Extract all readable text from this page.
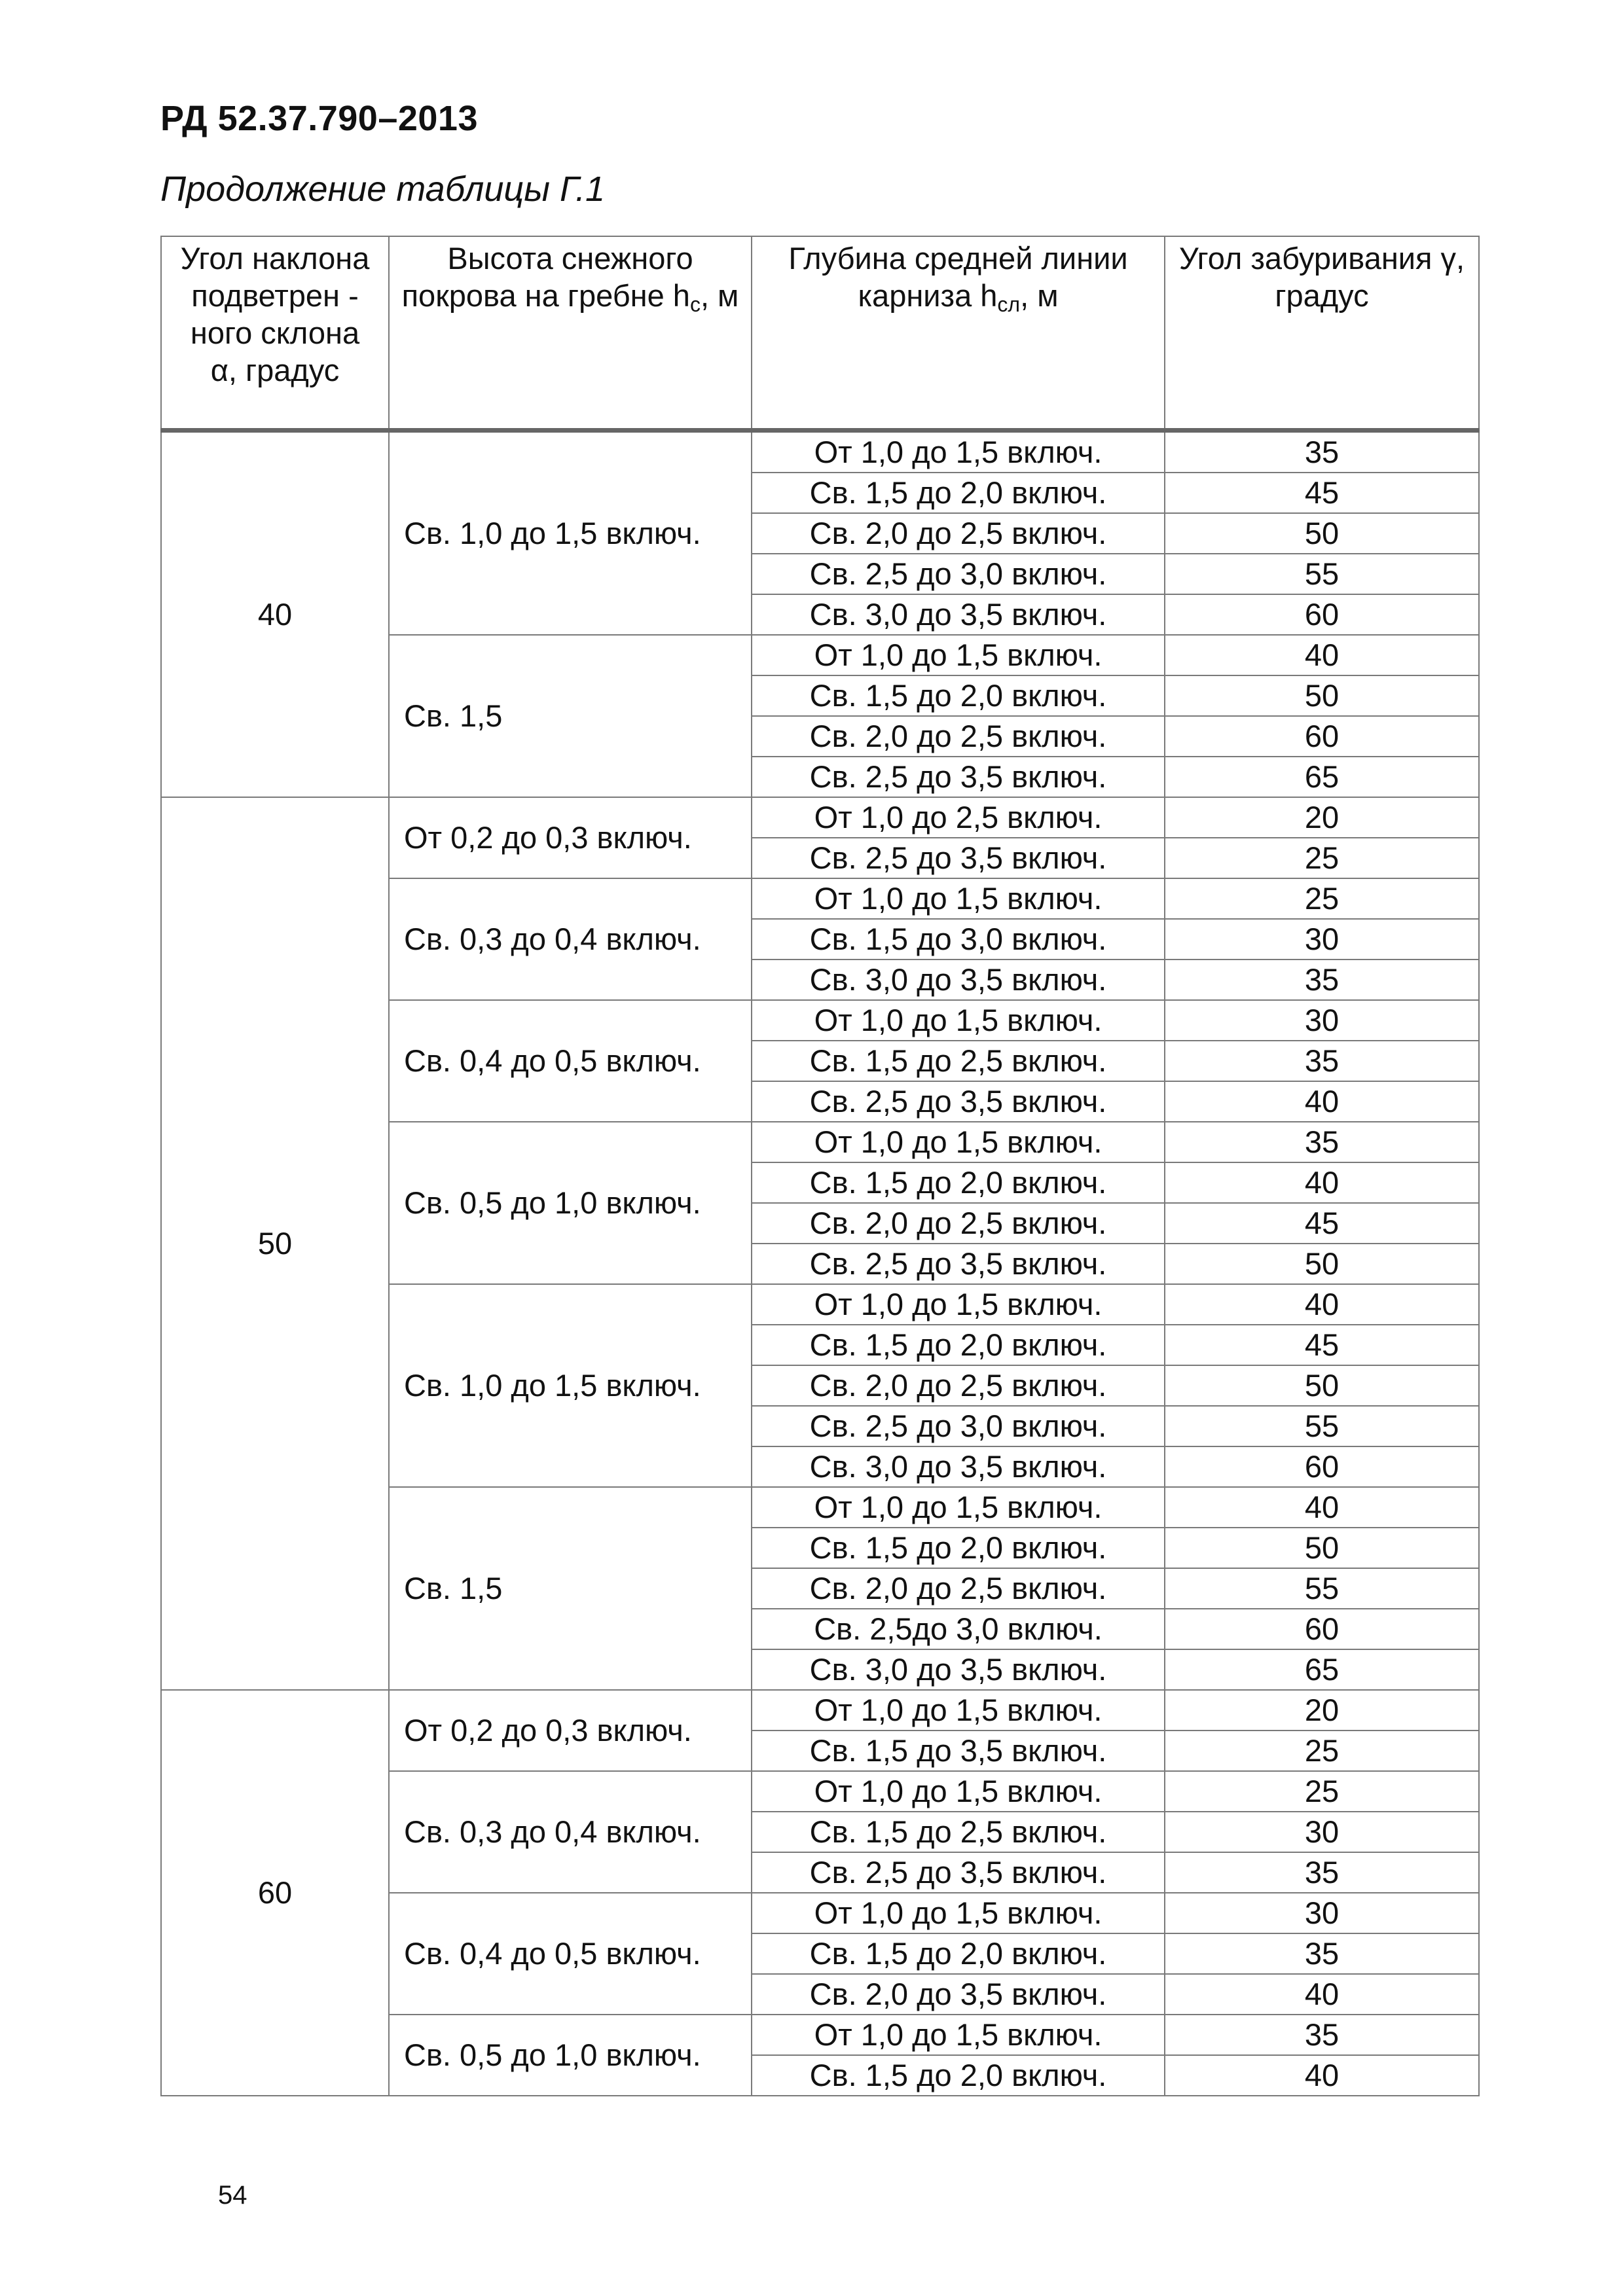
РД 52.37.790–2013
Продолжение таблицы Г.1
Угол наклона подветрен - ного склона α, градус	Высота снежного покрова на гребне $h_с$, м	Глубина средней линии карниза $h_{сл}$, м	Угол забуривания γ, градус
40	Св. 1,0 до 1,5 включ.	От 1,0 до 1,5 включ.	35
		Св. 1,5 до 2,0 включ.	45
		Св. 2,0 до 2,5 включ.	50
		Св. 2,5 до 3,0 включ.	55
		Св. 3,0 до 3,5 включ.	60
	Св. 1,5	От 1,0 до 1,5 включ.	40
		Св. 1,5 до 2,0 включ.	50
		Св. 2,0 до 2,5 включ.	60
		Св. 2,5 до 3,5 включ.	65
50	От 0,2 до 0,3 включ.	От 1,0 до 2,5 включ.	20
		Св. 2,5 до 3,5 включ.	25
	Св. 0,3 до 0,4 включ.	От 1,0 до 1,5 включ.	25
		Св. 1,5 до 3,0 включ.	30
		Св. 3,0 до 3,5 включ.	35
	Св. 0,4 до 0,5 включ.	От 1,0 до 1,5 включ.	30
		Св. 1,5 до 2,5 включ.	35
		Св. 2,5 до 3,5 включ.	40
	Св. 0,5 до 1,0 включ.	От 1,0 до 1,5 включ.	35
		Св. 1,5 до 2,0 включ.	40
		Св. 2,0 до 2,5 включ.	45
		Св. 2,5 до 3,5 включ.	50
	Св. 1,0 до 1,5 включ.	От 1,0 до 1,5 включ.	40
		Св. 1,5 до 2,0 включ.	45
		Св. 2,0 до 2,5 включ.	50
		Св. 2,5 до 3,0 включ.	55
		Св. 3,0 до 3,5 включ.	60
	Св. 1,5	От 1,0 до 1,5 включ.	40
		Св. 1,5 до 2,0 включ.	50
		Св. 2,0 до 2,5 включ.	55
		Св. 2,5до 3,0 включ.	60
		Св. 3,0 до 3,5 включ.	65
60	От 0,2 до 0,3 включ.	От 1,0 до 1,5 включ.	20
		Св. 1,5 до 3,5 включ.	25
	Св. 0,3 до 0,4 включ.	От 1,0 до 1,5 включ.	25
		Св. 1,5 до 2,5 включ.	30
		Св. 2,5 до 3,5 включ.	35
	Св. 0,4 до 0,5 включ.	От 1,0 до 1,5 включ.	30
		Св. 1,5 до 2,0 включ.	35
		Св. 2,0 до 3,5 включ.	40
	Св. 0,5 до 1,0 включ.	От 1,0 до 1,5 включ.	35
		Св. 1,5 до 2,0 включ.	40
54
